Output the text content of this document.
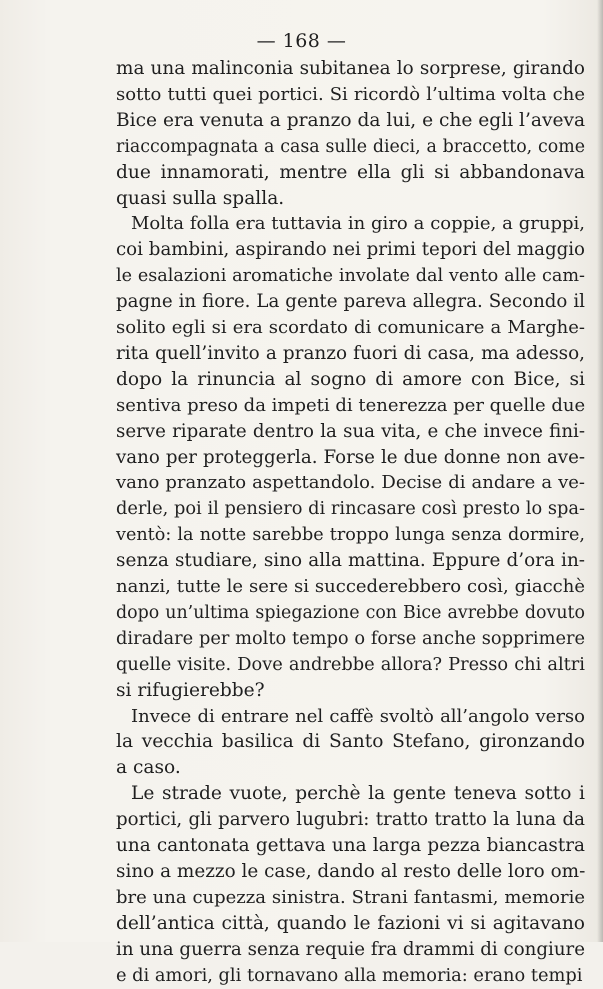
— 168 —
ma una malinconia subitanea lo sorprese, girando
sotto tutti quei portici. Si ricordò l’ultima volta che
Bice era venuta a pranzo da lui, e che egli l’aveva
riaccompagnata a casa sulle dieci, a braccetto, come
due innamorati, mentre ella gli si abbandonava
quasi sulla spalla.
Molta folla era tuttavia in giro a coppie, a gruppi,
coi bambini, aspirando nei primi tepori del maggio
le esalazioni aromatiche involate dal vento alle cam-
pagne in fiore. La gente pareva allegra. Secondo il
solito egli si era scordato di comunicare a Marghe-
rita quell’invito a pranzo fuori di casa, ma adesso,
dopo la rinuncia al sogno di amore con Bice, si
sentiva preso da impeti di tenerezza per quelle due
serve riparate dentro la sua vita, e che invece fini-
vano per proteggerla. Forse le due donne non ave-
vano pranzato aspettandolo. Decise di andare a ve-
derle, poi il pensiero di rincasare così presto lo spa-
ventò: la notte sarebbe troppo lunga senza dormire,
senza studiare, sino alla mattina. Eppure d’ora in-
nanzi, tutte le sere si succederebbero così, giacchè
dopo un’ultima spiegazione con Bice avrebbe dovuto
diradare per molto tempo o forse anche sopprimere
quelle visite. Dove andrebbe allora? Presso chi altri
si rifugierebbe?
Invece di entrare nel caffè svoltò all’angolo verso
la vecchia basilica di Santo Stefano, gironzando
a caso.
Le strade vuote, perchè la gente teneva sotto i
portici, gli parvero lugubri: tratto tratto la luna da
una cantonata gettava una larga pezza biancastra
sino a mezzo le case, dando al resto delle loro om-
bre una cupezza sinistra. Strani fantasmi, memorie
dell’antica città, quando le fazioni vi si agitavano
in una guerra senza requie fra drammi di congiure
e di amori, gli tornavano alla memoria: erano tempi
